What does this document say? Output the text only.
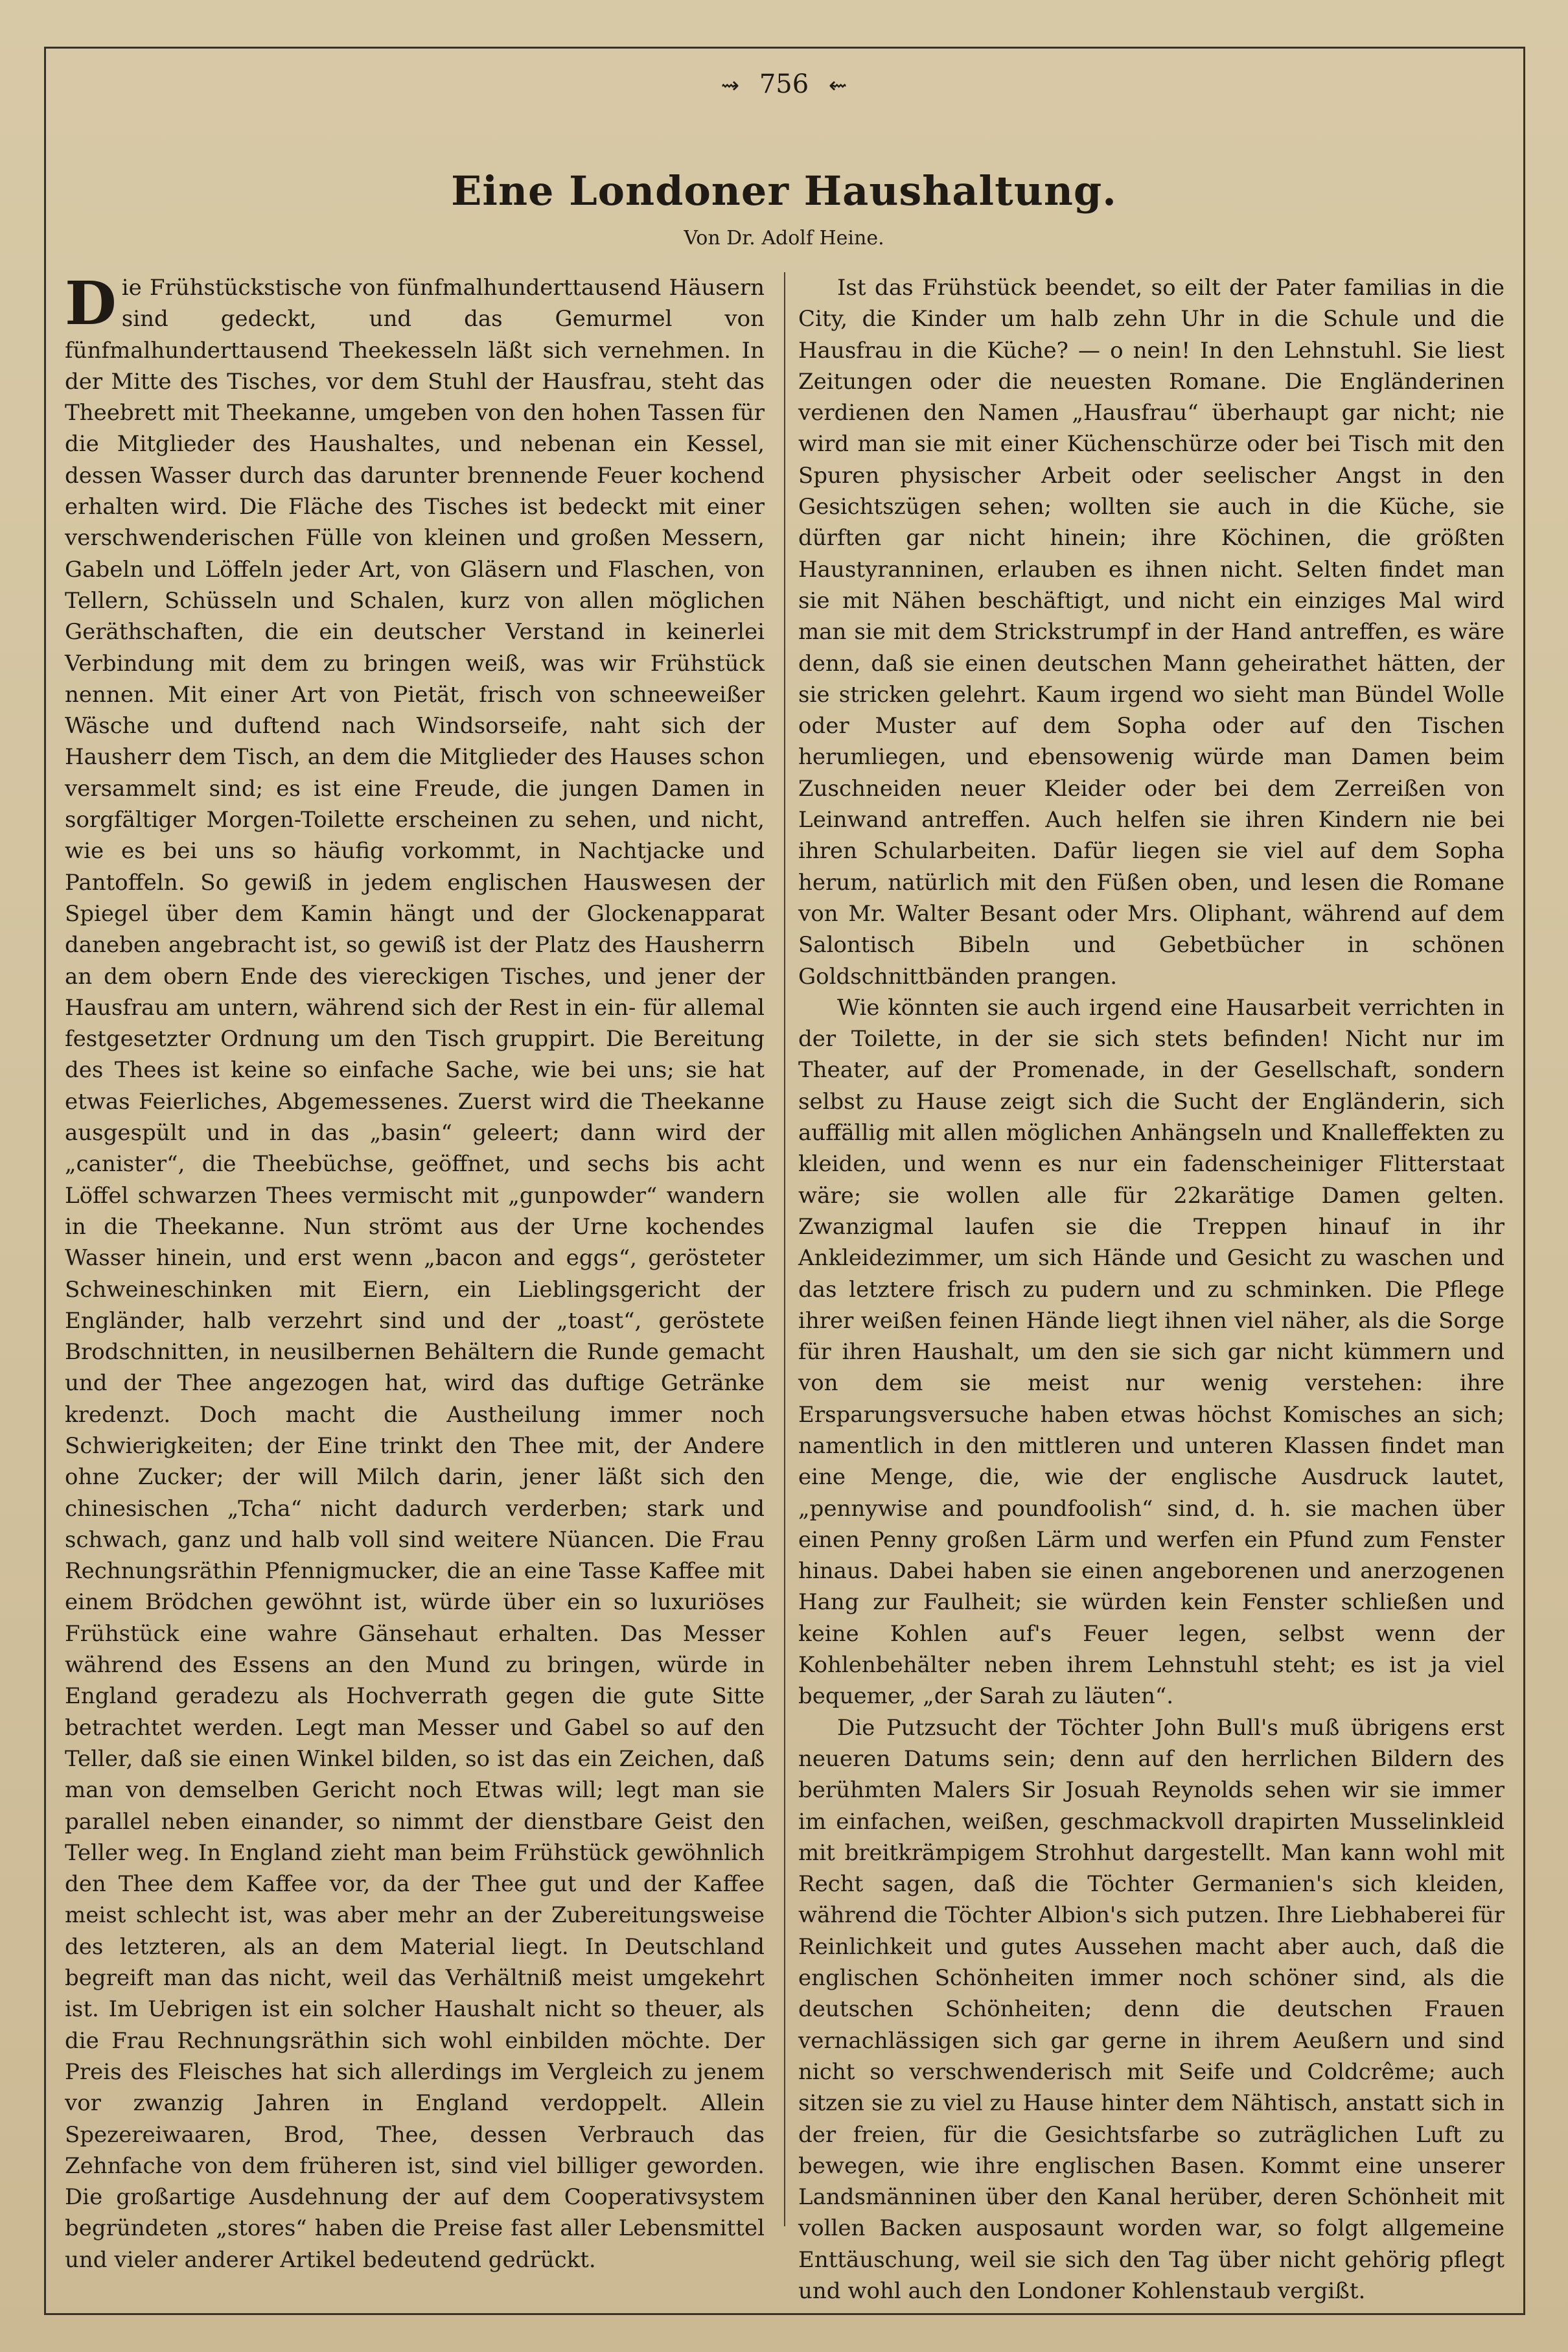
⇝ 756 ⇜
Eine Londoner Haushaltung.
Von Dr. Adolf Heine.

Die Frühstückstische von fünfmalhunderttausend Häusern sind gedeckt, und das Gemurmel von fünfmalhunderttausend Theekesseln läßt sich vernehmen. In der Mitte des Tisches, vor dem Stuhl der Hausfrau, steht das Theebrett mit Theekanne, umgeben von den hohen Tassen für die Mitglieder des Haushaltes, und nebenan ein Kessel, dessen Wasser durch das darunter brennende Feuer kochend erhalten wird. Die Fläche des Tisches ist bedeckt mit einer verschwenderischen Fülle von kleinen und großen Messern, Gabeln und Löffeln jeder Art, von Gläsern und Flaschen, von Tellern, Schüsseln und Schalen, kurz von allen möglichen Geräthschaften, die ein deutscher Verstand in keinerlei Verbindung mit dem zu bringen weiß, was wir Frühstück nennen. Mit einer Art von Pietät, frisch von schneeweißer Wäsche und duftend nach Windsorseife, naht sich der Hausherr dem Tisch, an dem die Mitglieder des Hauses schon versammelt sind; es ist eine Freude, die jungen Damen in sorgfältiger Morgen-Toilette erscheinen zu sehen, und nicht, wie es bei uns so häufig vorkommt, in Nachtjacke und Pantoffeln. So gewiß in jedem englischen Hauswesen der Spiegel über dem Kamin hängt und der Glockenapparat daneben angebracht ist, so gewiß ist der Platz des Hausherrn an dem obern Ende des viereckigen Tisches, und jener der Hausfrau am untern, während sich der Rest in ein- für allemal festgesetzter Ordnung um den Tisch gruppirt. Die Bereitung des Thees ist keine so einfache Sache, wie bei uns; sie hat etwas Feierliches, Abgemessenes. Zuerst wird die Theekanne ausgespült und in das „basin“ geleert; dann wird der „canister“, die Theebüchse, geöffnet, und sechs bis acht Löffel schwarzen Thees vermischt mit „gunpowder“ wandern in die Theekanne. Nun strömt aus der Urne kochendes Wasser hinein, und erst wenn „bacon and eggs“, gerösteter Schweineschinken mit Eiern, ein Lieblingsgericht der Engländer, halb verzehrt sind und der „toast“, geröstete Brodschnitten, in neusilbernen Behältern die Runde gemacht und der Thee angezogen hat, wird das duftige Getränke kredenzt. Doch macht die Austheilung immer noch Schwierigkeiten; der Eine trinkt den Thee mit, der Andere ohne Zucker; der will Milch darin, jener läßt sich den chinesischen „Tcha“ nicht dadurch verderben; stark und schwach, ganz und halb voll sind weitere Nüancen. Die Frau Rechnungsräthin Pfennigmucker, die an eine Tasse Kaffee mit einem Brödchen gewöhnt ist, würde über ein so luxuriöses Frühstück eine wahre Gänsehaut erhalten. Das Messer während des Essens an den Mund zu bringen, würde in England geradezu als Hochverrath gegen die gute Sitte betrachtet werden. Legt man Messer und Gabel so auf den Teller, daß sie einen Winkel bilden, so ist das ein Zeichen, daß man von demselben Gericht noch Etwas will; legt man sie parallel neben einander, so nimmt der dienstbare Geist den Teller weg. In England zieht man beim Frühstück gewöhnlich den Thee dem Kaffee vor, da der Thee gut und der Kaffee meist schlecht ist, was aber mehr an der Zubereitungsweise des letzteren, als an dem Material liegt. In Deutschland begreift man das nicht, weil das Verhältniß meist umgekehrt ist. Im Uebrigen ist ein solcher Haushalt nicht so theuer, als die Frau Rechnungsräthin sich wohl einbilden möchte. Der Preis des Fleisches hat sich allerdings im Vergleich zu jenem vor zwanzig Jahren in England verdoppelt. Allein Spezereiwaaren, Brod, Thee, dessen Verbrauch das Zehnfache von dem früheren ist, sind viel billiger geworden. Die großartige Ausdehnung der auf dem Cooperativsystem begründeten „stores“ haben die Preise fast aller Lebensmittel und vieler anderer Artikel bedeutend gedrückt.

Ist das Frühstück beendet, so eilt der Pater familias in die City, die Kinder um halb zehn Uhr in die Schule und die Hausfrau in die Küche? — o nein! In den Lehnstuhl. Sie liest Zeitungen oder die neuesten Romane. Die Engländerinen verdienen den Namen „Hausfrau“ überhaupt gar nicht; nie wird man sie mit einer Küchenschürze oder bei Tisch mit den Spuren physischer Arbeit oder seelischer Angst in den Gesichtszügen sehen; wollten sie auch in die Küche, sie dürften gar nicht hinein; ihre Köchinen, die größten Haustyranninen, erlauben es ihnen nicht. Selten findet man sie mit Nähen beschäftigt, und nicht ein einziges Mal wird man sie mit dem Strickstrumpf in der Hand antreffen, es wäre denn, daß sie einen deutschen Mann geheirathet hätten, der sie stricken gelehrt. Kaum irgend wo sieht man Bündel Wolle oder Muster auf dem Sopha oder auf den Tischen herumliegen, und ebensowenig würde man Damen beim Zuschneiden neuer Kleider oder bei dem Zerreißen von Leinwand antreffen. Auch helfen sie ihren Kindern nie bei ihren Schularbeiten. Dafür liegen sie viel auf dem Sopha herum, natürlich mit den Füßen oben, und lesen die Romane von Mr. Walter Besant oder Mrs. Oliphant, während auf dem Salontisch Bibeln und Gebetbücher in schönen Goldschnittbänden prangen.

Wie könnten sie auch irgend eine Hausarbeit verrichten in der Toilette, in der sie sich stets befinden! Nicht nur im Theater, auf der Promenade, in der Gesellschaft, sondern selbst zu Hause zeigt sich die Sucht der Engländerin, sich auffällig mit allen möglichen Anhängseln und Knalleffekten zu kleiden, und wenn es nur ein fadenscheiniger Flitterstaat wäre; sie wollen alle für 22karätige Damen gelten. Zwanzigmal laufen sie die Treppen hinauf in ihr Ankleidezimmer, um sich Hände und Gesicht zu waschen und das letztere frisch zu pudern und zu schminken. Die Pflege ihrer weißen feinen Hände liegt ihnen viel näher, als die Sorge für ihren Haushalt, um den sie sich gar nicht kümmern und von dem sie meist nur wenig verstehen: ihre Ersparungsversuche haben etwas höchst Komisches an sich; namentlich in den mittleren und unteren Klassen findet man eine Menge, die, wie der englische Ausdruck lautet, „pennywise and poundfoolish“ sind, d. h. sie machen über einen Penny großen Lärm und werfen ein Pfund zum Fenster hinaus. Dabei haben sie einen angeborenen und anerzogenen Hang zur Faulheit; sie würden kein Fenster schließen und keine Kohlen auf's Feuer legen, selbst wenn der Kohlenbehälter neben ihrem Lehnstuhl steht; es ist ja viel bequemer, „der Sarah zu läuten“.

Die Putzsucht der Töchter John Bull's muß übrigens erst neueren Datums sein; denn auf den herrlichen Bildern des berühmten Malers Sir Josuah Reynolds sehen wir sie immer im einfachen, weißen, geschmackvoll drapirten Musselinkleid mit breitkrämpigem Strohhut dargestellt. Man kann wohl mit Recht sagen, daß die Töchter Germanien's sich kleiden, während die Töchter Albion's sich putzen. Ihre Liebhaberei für Reinlichkeit und gutes Aussehen macht aber auch, daß die englischen Schönheiten immer noch schöner sind, als die deutschen Schönheiten; denn die deutschen Frauen vernachlässigen sich gar gerne in ihrem Aeußern und sind nicht so verschwenderisch mit Seife und Coldcrême; auch sitzen sie zu viel zu Hause hinter dem Nähtisch, anstatt sich in der freien, für die Gesichtsfarbe so zuträglichen Luft zu bewegen, wie ihre englischen Basen. Kommt eine unserer Landsmänninen über den Kanal herüber, deren Schönheit mit vollen Backen ausposaunt worden war, so folgt allgemeine Enttäuschung, weil sie sich den Tag über nicht gehörig pflegt und wohl auch den Londoner Kohlenstaub vergißt.
